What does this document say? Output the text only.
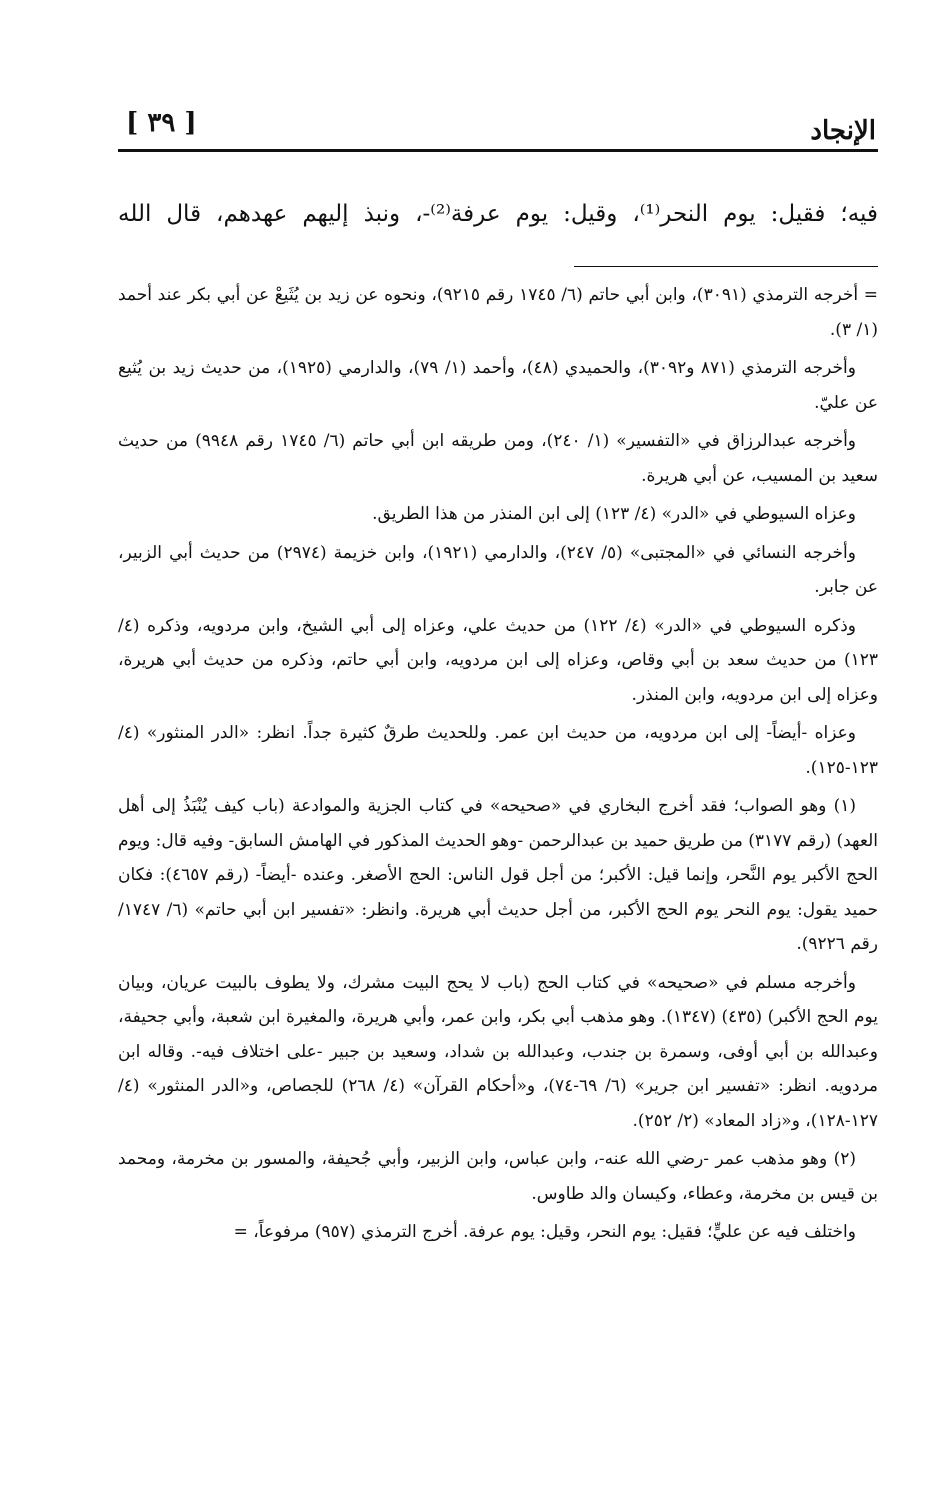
[ ٣٩ ]	الإنجاد
فيه؛ فقيل: يوم النحر⁽¹⁾، وقيل: يوم عرفة⁽²⁾-، ونبذ إليهم عهدهم، قال الله

= أخرجه الترمذي (٣٠٩١)، وابن أبي حاتم (٦/ ١٧٤٥ رقم ٩٢١٥)، ونحوه عن زيد بن يُثَيعْ عن أبي بكر عند أحمد (١/ ٣).

وأخرجه الترمذي (٨٧١ و٣٠٩٢)، والحميدي (٤٨)، وأحمد (١/ ٧٩)، والدارمي (١٩٢٥)، من حديث زيد بن يُثيع عن عليّ.

وأخرجه عبدالرزاق في «التفسير» (١/ ٢٤٠)، ومن طريقه ابن أبي حاتم (٦/ ١٧٤٥ رقم ٩٩٤٨) من حديث سعيد بن المسيب، عن أبي هريرة.

وعزاه السيوطي في «الدر» (٤/ ١٢٣) إلى ابن المنذر من هذا الطريق.

وأخرجه النسائي في «المجتبى» (٥/ ٢٤٧)، والدارمي (١٩٢١)، وابن خزيمة (٢٩٧٤) من حديث أبي الزبير، عن جابر.

وذكره السيوطي في «الدر» (٤/ ١٢٢) من حديث علي، وعزاه إلى أبي الشيخ، وابن مردويه، وذكره (٤/ ١٢٣) من حديث سعد بن أبي وقاص، وعزاه إلى ابن مردويه، وابن أبي حاتم، وذكره من حديث أبي هريرة، وعزاه إلى ابن مردويه، وابن المنذر.

وعزاه -أيضاً- إلى ابن مردويه، من حديث ابن عمر. وللحديث طرقٌ كثيرة جداً. انظر: «الدر المنثور» (٤/ ١٢٣-١٢٥).

(١) وهو الصواب؛ فقد أخرج البخاري في «صحيحه» في كتاب الجزية والموادعة (باب كيف يُنْبَذُ إلى أهل العهد) (رقم ٣١٧٧) من طريق حميد بن عبدالرحمن -وهو الحديث المذكور في الهامش السابق- وفيه قال: ويوم الحج الأكبر يوم النَّحر، وإنما قيل: الأكبر؛ من أجل قول الناس: الحج الأصغر. وعنده -أيضاً- (رقم ٤٦٥٧): فكان حميد يقول: يوم النحر يوم الحج الأكبر، من أجل حديث أبي هريرة. وانظر: «تفسير ابن أبي حاتم» (٦/ ١٧٤٧/ رقم ٩٢٢٦).

وأخرجه مسلم في «صحيحه» في كتاب الحج (باب لا يحج البيت مشرك، ولا يطوف بالبيت عريان، وبيان يوم الحج الأكبر) (٤٣٥) (١٣٤٧). وهو مذهب أبي بكر، وابن عمر، وأبي هريرة، والمغيرة ابن شعبة، وأبي جحيفة، وعبدالله بن أبي أوفى، وسمرة بن جندب، وعبدالله بن شداد، وسعيد بن جبير -على اختلاف فيه-. وقاله ابن مردويه. انظر: «تفسير ابن جرير» (٦/ ٦٩-٧٤)، و«أحكام القرآن» (٤/ ٢٦٨) للجصاص، و«الدر المنثور» (٤/ ١٢٧-١٢٨)، و«زاد المعاد» (٢/ ٢٥٢).

(٢) وهو مذهب عمر -رضي الله عنه-، وابن عباس، وابن الزبير، وأبي جُحيفة، والمسور بن مخرمة، ومحمد بن قيس بن مخرمة، وعطاء، وكيسان والد طاوس.

واختلف فيه عن عليٍّ؛ فقيل: يوم النحر، وقيل: يوم عرفة. أخرج الترمذي (٩٥٧) مرفوعاً، =
